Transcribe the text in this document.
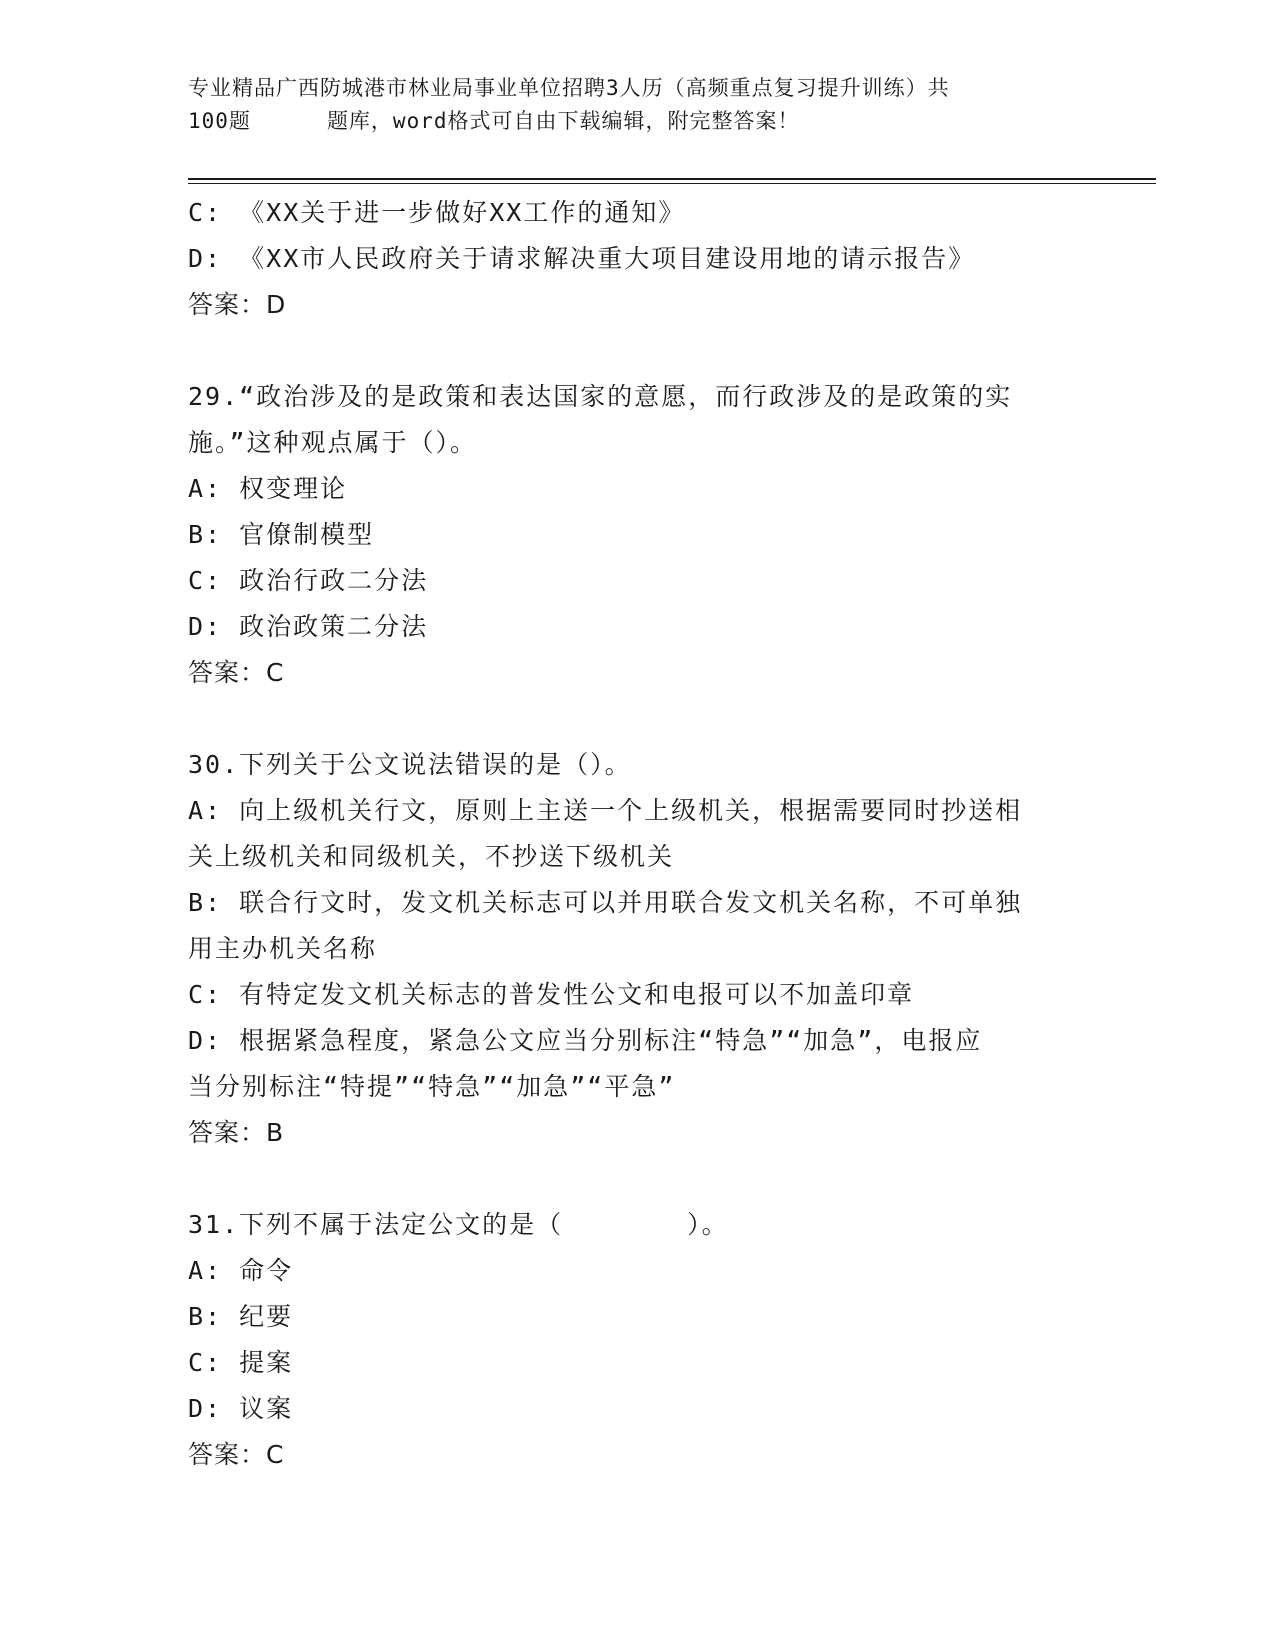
专业精品广西防城港市林业局事业单位招聘3人历（高频重点复习提升训练）共
100题	题库，word格式可自由下载编辑，附完整答案！

C: 《XX关于进一步做好XX工作的通知》

D: 《XX市人民政府关于请求解决重大项目建设用地的请示报告》

答案：D

29.“政治涉及的是政策和表达国家的意愿，而行政涉及的是政策的实

施。”这种观点属于（）。

A: 权变理论

B: 官僚制模型

C: 政治行政二分法

D: 政治政策二分法

答案：C

30.下列关于公文说法错误的是（）。

A: 向上级机关行文，原则上主送一个上级机关，根据需要同时抄送相

关上级机关和同级机关，不抄送下级机关

B: 联合行文时，发文机关标志可以并用联合发文机关名称，不可单独

用主办机关名称

C: 有特定发文机关标志的普发性公文和电报可以不加盖印章

D: 根据紧急程度，紧急公文应当分别标注“特急”“加急”，电报应

当分别标注“特提”“特急”“加急”“平急”

答案：B

31.下列不属于法定公文的是（	）。

A: 命令

B: 纪要

C: 提案

D: 议案

答案：C
